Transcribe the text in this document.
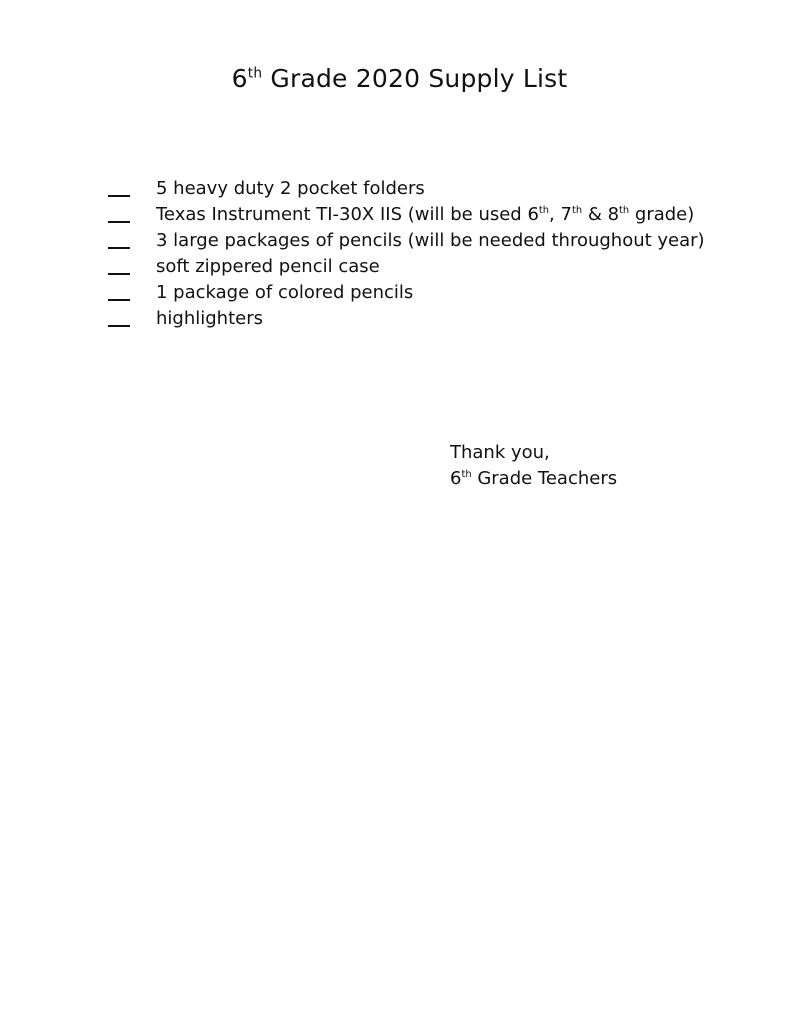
6th Grade 2020 Supply List
5 heavy duty 2 pocket folders
Texas Instrument TI-30X IIS (will be used 6th, 7th & 8th grade)
3 large packages of pencils (will be needed throughout year)
soft zippered pencil case
1 package of colored pencils
highlighters
Thank you,
6th Grade Teachers
